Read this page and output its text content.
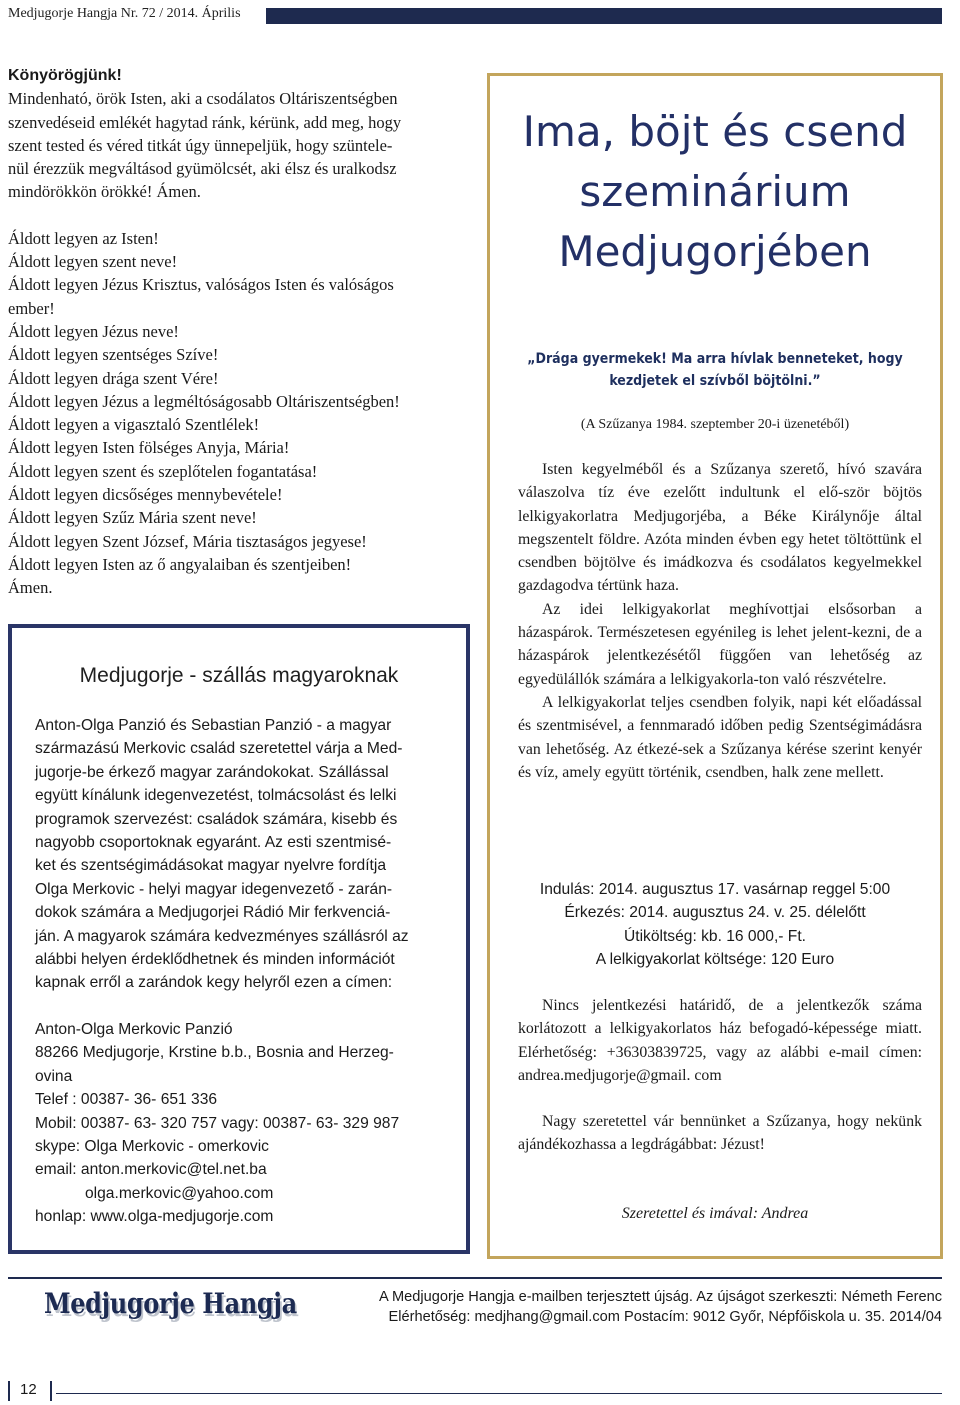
Medjugorje Hangja Nr. 72 / 2014. Április

Könyörögjünk!

Mindenható, örök Isten, aki a csodálatos Oltáriszentségben

szenvedéseid emlékét hagytad ránk, kérünk, add meg, hogy

szent tested és véred titkát úgy ünnepeljük, hogy szüntele-

nül érezzük megváltásod gyümölcsét, aki élsz és uralkodsz

mindörökkön örökké! Ámen.

Áldott legyen az Isten!

Áldott legyen szent neve!

Áldott legyen Jézus Krisztus, valóságos Isten és valóságos

ember!

Áldott legyen Jézus neve!

Áldott legyen szentséges Szíve!

Áldott legyen drága szent Vére!

Áldott legyen Jézus a legméltóságosabb Oltáriszentségben!

Áldott legyen a vigasztaló Szentlélek!

Áldott legyen Isten fölséges Anyja, Mária!

Áldott legyen szent és szeplőtelen fogantatása!

Áldott legyen dicsőséges mennybevétele!

Áldott legyen Szűz Mária szent neve!

Áldott legyen Szent József, Mária tisztaságos jegyese!

Áldott legyen Isten az ő angyalaiban és szentjeiben!

Ámen.

Medjugorje - szállás magyaroknak

Anton-Olga Panzió és Sebastian Panzió - a magyar

származású Merkovic család szeretettel várja a Med-

jugorje-be érkező magyar zarándokokat. Szállással

együtt kínálunk idegenvezetést, tolmácsolást és lelki

programok szervezést: családok számára, kisebb és

nagyobb csoportoknak egyaránt. Az esti szentmisé-

ket és szentségimádásokat magyar nyelvre fordítja

Olga Merkovic - helyi magyar idegenvezető - zarán-

dokok számára a Medjugorjei Rádió Mir ferkvenciá-

ján. A magyarok számára kedvezményes szállásról az

alábbi helyen érdeklődhetnek és minden információt

kapnak erről a zarándok kegy helyről ezen a címen:

Anton-Olga Merkovic Panzió

88266 Medjugorje, Krstine b.b., Bosnia and Herzeg-

ovina

Telef : 00387- 36- 651 336

Mobil: 00387- 63- 320 757 vagy: 00387- 63- 329 987

skype: Olga Merkovic - omerkovic

email: anton.merkovic@tel.net.ba

olga.merkovic@yahoo.com

honlap: www.olga-medjugorje.com

Ima, böjt és csend
szeminárium
Medjugorjében
„Drága gyermekek! Ma arra hívlak benneteket, hogy
kezdjetek el szívből böjtölni.”
(A Szűzanya 1984. szeptember 20-i üzenetéből)

Isten kegyelméből és a Szűzanya szerető, hívó szavára válaszolva tíz éve ezelőtt indultunk el elő-ször böjtös lelkigyakorlatra Medjugorjéba, a Béke Királynője által megszentelt földre. Azóta minden évben egy hetet töltöttünk el csendben böjtölve és imádkozva és csodálatos kegyelmekkel gazdagodva tértünk haza.

Az idei lelkigyakorlat meghívottjai elsősorban a házaspárok. Természetesen egyénileg is lehet jelent-kezni, de a házaspárok jelentkezésétől függően van lehetőség az egyedülállók számára a lelkigyakorla-ton való részvételre.

A lelkigyakorlat teljes csendben folyik, napi két előadással és szentmisével, a fennmaradó időben pedig Szentségimádásra van lehetőség. Az étkezé-sek a Szűzanya kérése szerint kenyér és víz, amely együtt történik, csendben, halk zene mellett.

Indulás: 2014. augusztus 17. vasárnap reggel 5:00

Érkezés: 2014. augusztus 24. v. 25. délelőtt

Útiköltség: kb. 16 000,- Ft.

A lelkigyakorlat költsége: 120 Euro

Nincs jelentkezési határidő, de a jelentkezők száma korlátozott a lelkigyakorlatos ház befogadó-képessége miatt. Elérhetőség: +36303839725, vagy az alábbi e-mail címen: andrea.medjugorje@gmail. com

Nagy szeretettel vár bennünket a Szűzanya, hogy nekünk ajándékozhassa a legdrágábbat: Jézust!

Szeretettel és imával: Andrea
Medjugorje Hangja	A Medjugorje Hangja e-mailben terjesztett újság. Az újságot szerkeszti: Németh Ferenc

Elérhetőség: medjhang@gmail.com Postacím: 9012 Győr, Népfőiskola u. 35. 2014/04

12
